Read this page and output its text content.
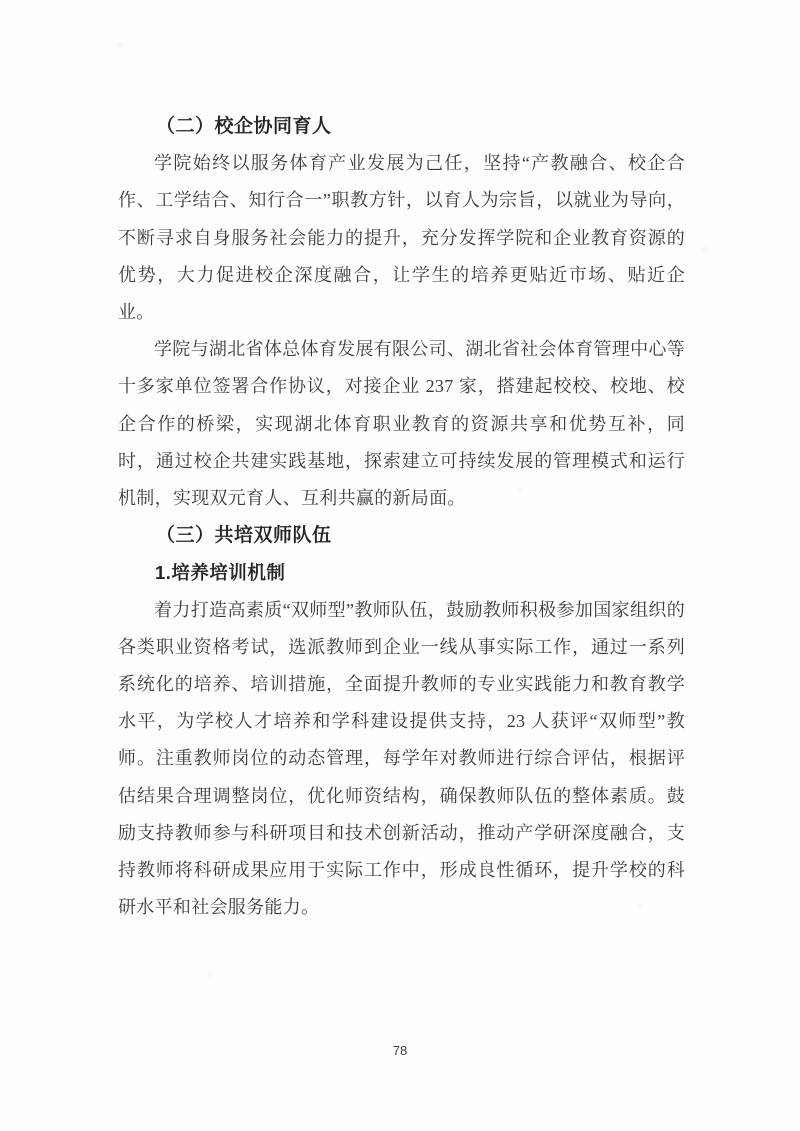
（二）校企协同育人

学院始终以服务体育产业发展为己任，坚持“产教融合、校企合作、工学结合、知行合一”职教方针，以育人为宗旨，以就业为导向，不断寻求自身服务社会能力的提升，充分发挥学院和企业教育资源的优势，大力促进校企深度融合，让学生的培养更贴近市场、贴近企业。

学院与湖北省体总体育发展有限公司、湖北省社会体育管理中心等十多家单位签署合作协议，对接企业 237 家，搭建起校校、校地、校企合作的桥梁，实现湖北体育职业教育的资源共享和优势互补，同时，通过校企共建实践基地，探索建立可持续发展的管理模式和运行机制，实现双元育人、互利共赢的新局面。

（三）共培双师队伍
1.培养培训机制

着力打造高素质“双师型”教师队伍，鼓励教师积极参加国家组织的各类职业资格考试，选派教师到企业一线从事实际工作，通过一系列系统化的培养、培训措施，全面提升教师的专业实践能力和教育教学水平，为学校人才培养和学科建设提供支持，23 人获评“双师型”教师。注重教师岗位的动态管理，每学年对教师进行综合评估，根据评估结果合理调整岗位，优化师资结构，确保教师队伍的整体素质。鼓励支持教师参与科研项目和技术创新活动，推动产学研深度融合，支持教师将科研成果应用于实际工作中，形成良性循环，提升学校的科研水平和社会服务能力。

78
